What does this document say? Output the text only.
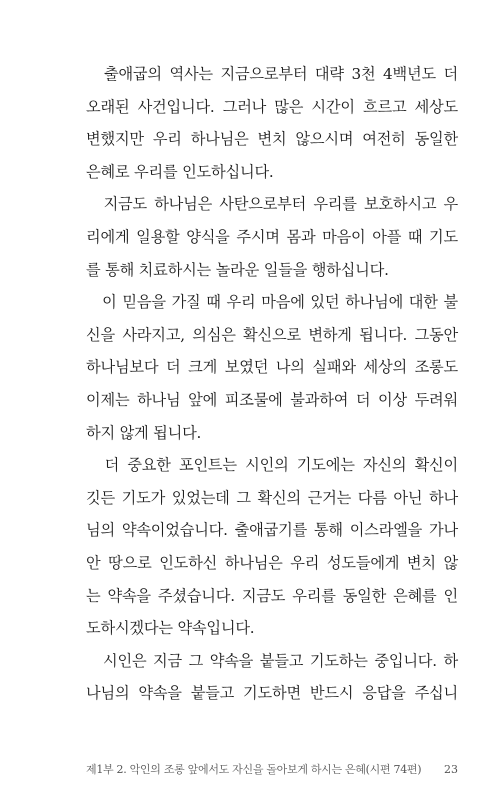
　출애굽의 역사는 지금으로부터 대략 3천 4백년도 더
오래된 사건입니다. 그러나 많은 시간이 흐르고 세상도
변했지만 우리 하나님은 변치 않으시며 여전히 동일한
은혜로 우리를 인도하십니다.
　지금도 하나님은 사탄으로부터 우리를 보호하시고 우
리에게 일용할 양식을 주시며 몸과 마음이 아플 때 기도
를 통해 치료하시는 놀라운 일들을 행하십니다.
　이 믿음을 가질 때 우리 마음에 있던 하나님에 대한 불
신을 사라지고, 의심은 확신으로 변하게 됩니다. 그동안
하나님보다 더 크게 보였던 나의 실패와 세상의 조롱도
이제는 하나님 앞에 피조물에 불과하여 더 이상 두려워
하지 않게 됩니다.
　더 중요한 포인트는 시인의 기도에는 자신의 확신이
깃든 기도가 있었는데 그 확신의 근거는 다름 아닌 하나
님의 약속이었습니다. 출애굽기를 통해 이스라엘을 가나
안 땅으로 인도하신 하나님은 우리 성도들에게 변치 않
는 약속을 주셨습니다. 지금도 우리를 동일한 은혜를 인
도하시겠다는 약속입니다.
　시인은 지금 그 약속을 붙들고 기도하는 중입니다. 하
나님의 약속을 붙들고 기도하면 반드시 응답을 주십니
제1부 2. 악인의 조롱 앞에서도 자신을 돌아보게 하시는 은혜(시편 74편) 23
